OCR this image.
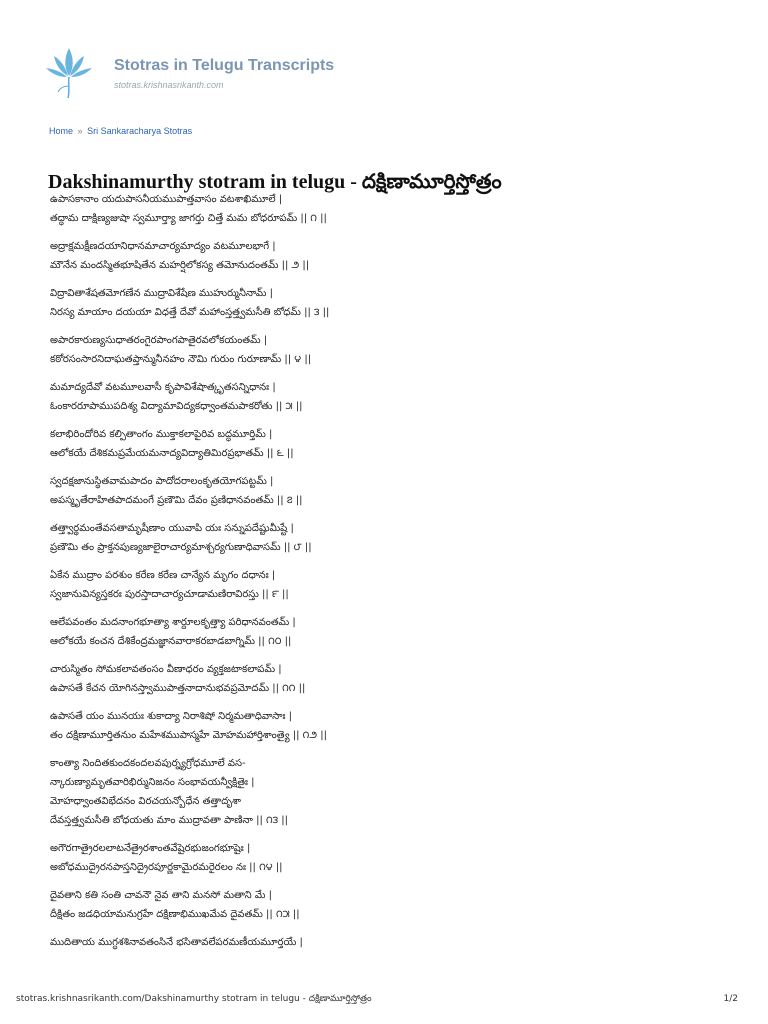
Stotras in Telugu Transcripts
stotras.krishnasrikanth.com
Home » Sri Sankaracharya Stotras
Dakshinamurthy stotram in telugu - దక్షిణామూర్తిస్తోత్రం
ఉపాసకానాం యదుపాసనీయముపాత్తవాసం వటశాఖిమూలే |
తద్ధామ దాక్షిణ్యజుషా స్వమూర్త్యా జాగర్తు చిత్తే మమ బోధరూపమ్ || ౧ ||
అద్రాక్షమక్షీణదయానిధానమాచార్యమాద్యం వటమూలభాగే |
మౌనేన మందస్మితభూషితేన మహర్షిలోకస్య తమోనుదంతమ్ || ౨ ||
విద్రావితాశేషతమోగణేన ముద్రావిశేషేణ ముహుర్మునీనామ్ |
నిరస్య మాయాం దయయా విధత్తే దేవో మహాంస్తత్త్వమసీతి బోధమ్ || ౩ ||
అపారకారుణ్యసుధాతరంగైరపాంగపాతైరవలోకయంతమ్ |
కఠోరసంసారనిదాఘతప్తాన్మునీనహం నౌమి గురుం గురూణామ్ || ౪ ||
మమాద్యదేవో వటమూలవాసీ కృపావిశేషాత్కృతసన్నిధానః |
ఓంకారరూపాముపదిశ్య విద్యామావిద్యకధ్వాంతమపాకరోతు || ౫ ||
కలాభిరిందోరివ కల్పితాంగం ముక్తాకలాపైరివ బద్ధమూర్తిమ్ |
ఆలోకయే దేశికమప్రమేయమనాద్యవిద్యాతిమిరప్రభాతమ్ || ౬ ||
స్వదక్షజానుస్థితవామపాదం పాదోదరాలంకృతయోగపట్టమ్ |
అపస్మృతేరాహితపాదమంగే ప్రణౌమి దేవం ప్రణిధానవంతమ్ || ౭ ||
తత్త్వార్థమంతేవసతామృషీణాం యువాపి యః సన్నుపదేష్టుమీష్టే |
ప్రణౌమి తం ప్రాక్తనపుణ్యజాలైరాచార్యమాశ్చర్యగుణాధివాసమ్ || ౮ ||
ఏకేన ముద్రాం పరశుం కరేణ కరేణ చాన్యేన మృగం దధానః |
స్వజానువిన్యస్తకరః పురస్తాదాచార్యచూడామణిరావిరస్తు || ౯ ||
ఆలేపవంతం మదనాంగభూత్యా శార్దూలకృత్త్యా పరిధానవంతమ్ |
ఆలోకయే కంచన దేశికేంద్రమజ్ఞానవారాకరబాడబాగ్నిమ్ || ౧౦ ||
చారుస్మితం సోమకలావతంసం వీణాధరం వ్యక్తజటాకలాపమ్ |
ఉపాసతే కేచన యోగినస్త్వాముపాత్తనాదానుభవప్రమోదమ్ || ౧౧ ||
ఉపాసతే యం మునయః శుకాద్యా నిరాశిషో నిర్మమతాధివాసాః |
తం దక్షిణామూర్తితనుం మహేశముపాస్మహే మోహమహార్తిశాంత్యై || ౧౨ ||
కాంత్యా నిందితకుందకందలవపుర్న్యగ్రోధమూలే వస-
న్కారుణ్యామృతవారిభిర్మునిజనం సంభావయన్వీక్షితైః |
మోహధ్వాంతవిభేదనం విరచయన్బోధేన తత్తాదృశా
దేవస్తత్త్వమసీతి బోధయతు మాం ముద్రావతా పాణినా || ౧౩ ||
అగౌరగాత్రైరలలాటనేత్రైరశాంతవేషైరభుజంగభూషైః |
అబోధముద్రైరనపాస్తనిద్రైరపూర్ణకామైరమరైరలం నః || ౧౪ ||
దైవతాని కతి సంతి చావనౌ నైవ తాని మనసో మతాని మే |
దీక్షితం జడధియామనుగ్రహే దక్షిణాభిముఖమేవ దైవతమ్ || ౧౫ ||
ముదితాయ ముగ్ధశశినావతంసినే భసితావలేపరమణీయమూర్తయే |
stotras.krishnasrikanth.com/Dakshinamurthy stotram in telugu - దక్షిణామూర్తిస్తోత్రం	1/2
